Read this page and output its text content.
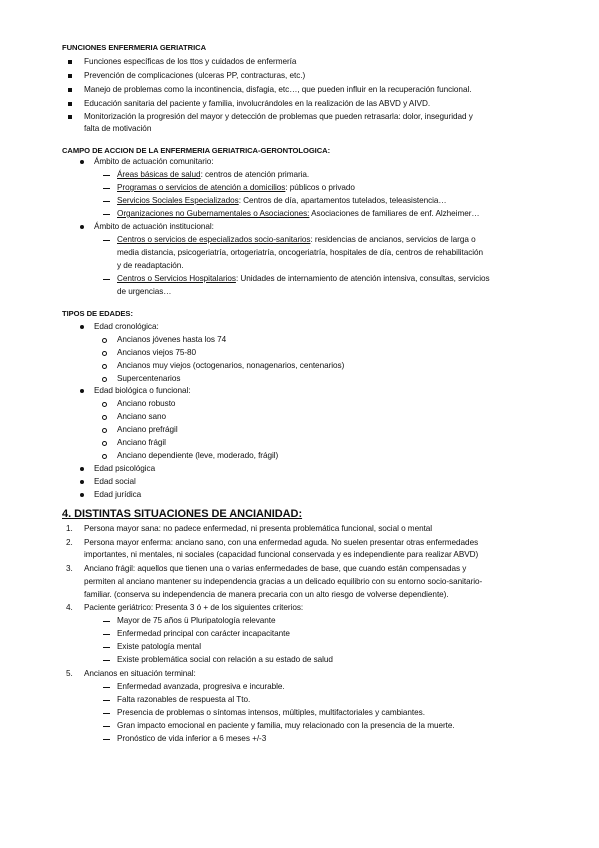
FUNCIONES ENFERMERIA GERIATRICA
Funciones específicas de los ttos y cuidados de enfermería
Prevención de complicaciones (ulceras PP, contracturas, etc.)
Manejo de problemas como la incontinencia, disfagia, etc…, que pueden influir en la recuperación funcional.
Educación sanitaria del paciente y familia, involucrándoles en la realización de las ABVD y AIVD.
Monitorización la progresión del mayor y detección de problemas que pueden retrasarla: dolor, inseguridad y
falta de motivación
CAMPO DE ACCION DE LA ENFERMERIA GERIATRICA-GERONTOLOGICA:
Ámbito de actuación comunitario:
Áreas básicas de salud: centros de atención primaria.
Programas o servicios de atención a domicilios: públicos o privado
Servicios Sociales Especializados: Centros de día, apartamentos tutelados, teleasistencia…
Organizaciones no Gubernamentales o Asociaciones: Asociaciones de familiares de enf. Alzheimer…
Ámbito de actuación institucional:
Centros o servicios de especializados socio-sanitarios: residencias de ancianos, servicios de larga o
media distancia, psicogeriatría, ortogeriatría, oncogeriatría, hospitales de día, centros de rehabilitación
y de readaptación.
Centros o Servicios Hospitalarios: Unidades de internamiento de atención intensiva, consultas, servicios
de urgencias…
TIPOS DE EDADES:
Edad cronológica:
Ancianos jóvenes hasta los 74
Ancianos viejos 75-80
Ancianos muy viejos (octogenarios, nonagenarios, centenarios)
Supercentenarios
Edad biológica o funcional:
Anciano robusto
Anciano sano
Anciano prefrágil
Anciano frágil
Anciano dependiente (leve, moderado, frágil)
Edad psicológica
Edad social
Edad jurídica
4. DISTINTAS SITUACIONES DE ANCIANIDAD:
1. Persona mayor sana: no padece enfermedad, ni presenta problemática funcional, social o mental
2. Persona mayor enferma: anciano sano, con una enfermedad aguda. No suelen presentar otras enfermedades
importantes, ni mentales, ni sociales (capacidad funcional conservada y es independiente para realizar ABVD)
3. Anciano frágil: aquellos que tienen una o varias enfermedades de base, que cuando están compensadas y
permiten al anciano mantener su independencia gracias a un delicado equilibrio con su entorno socio-sanitario-
familiar. (conserva su independencia de manera precaria con un alto riesgo de volverse dependiente).
4. Paciente geriátrico: Presenta 3 ó + de los siguientes criterios:
Mayor de 75 años ü Pluripatología relevante
Enfermedad principal con carácter incapacitante
Existe patología mental
Existe problemática social con relación a su estado de salud
5. Ancianos en situación terminal:
Enfermedad avanzada, progresiva e incurable.
Falta razonables de respuesta al Tto.
Presencia de problemas o síntomas intensos, múltiples, multifactoriales y cambiantes.
Gran impacto emocional en paciente y familia, muy relacionado con la presencia de la muerte.
Pronóstico de vida inferior a 6 meses +/-3
